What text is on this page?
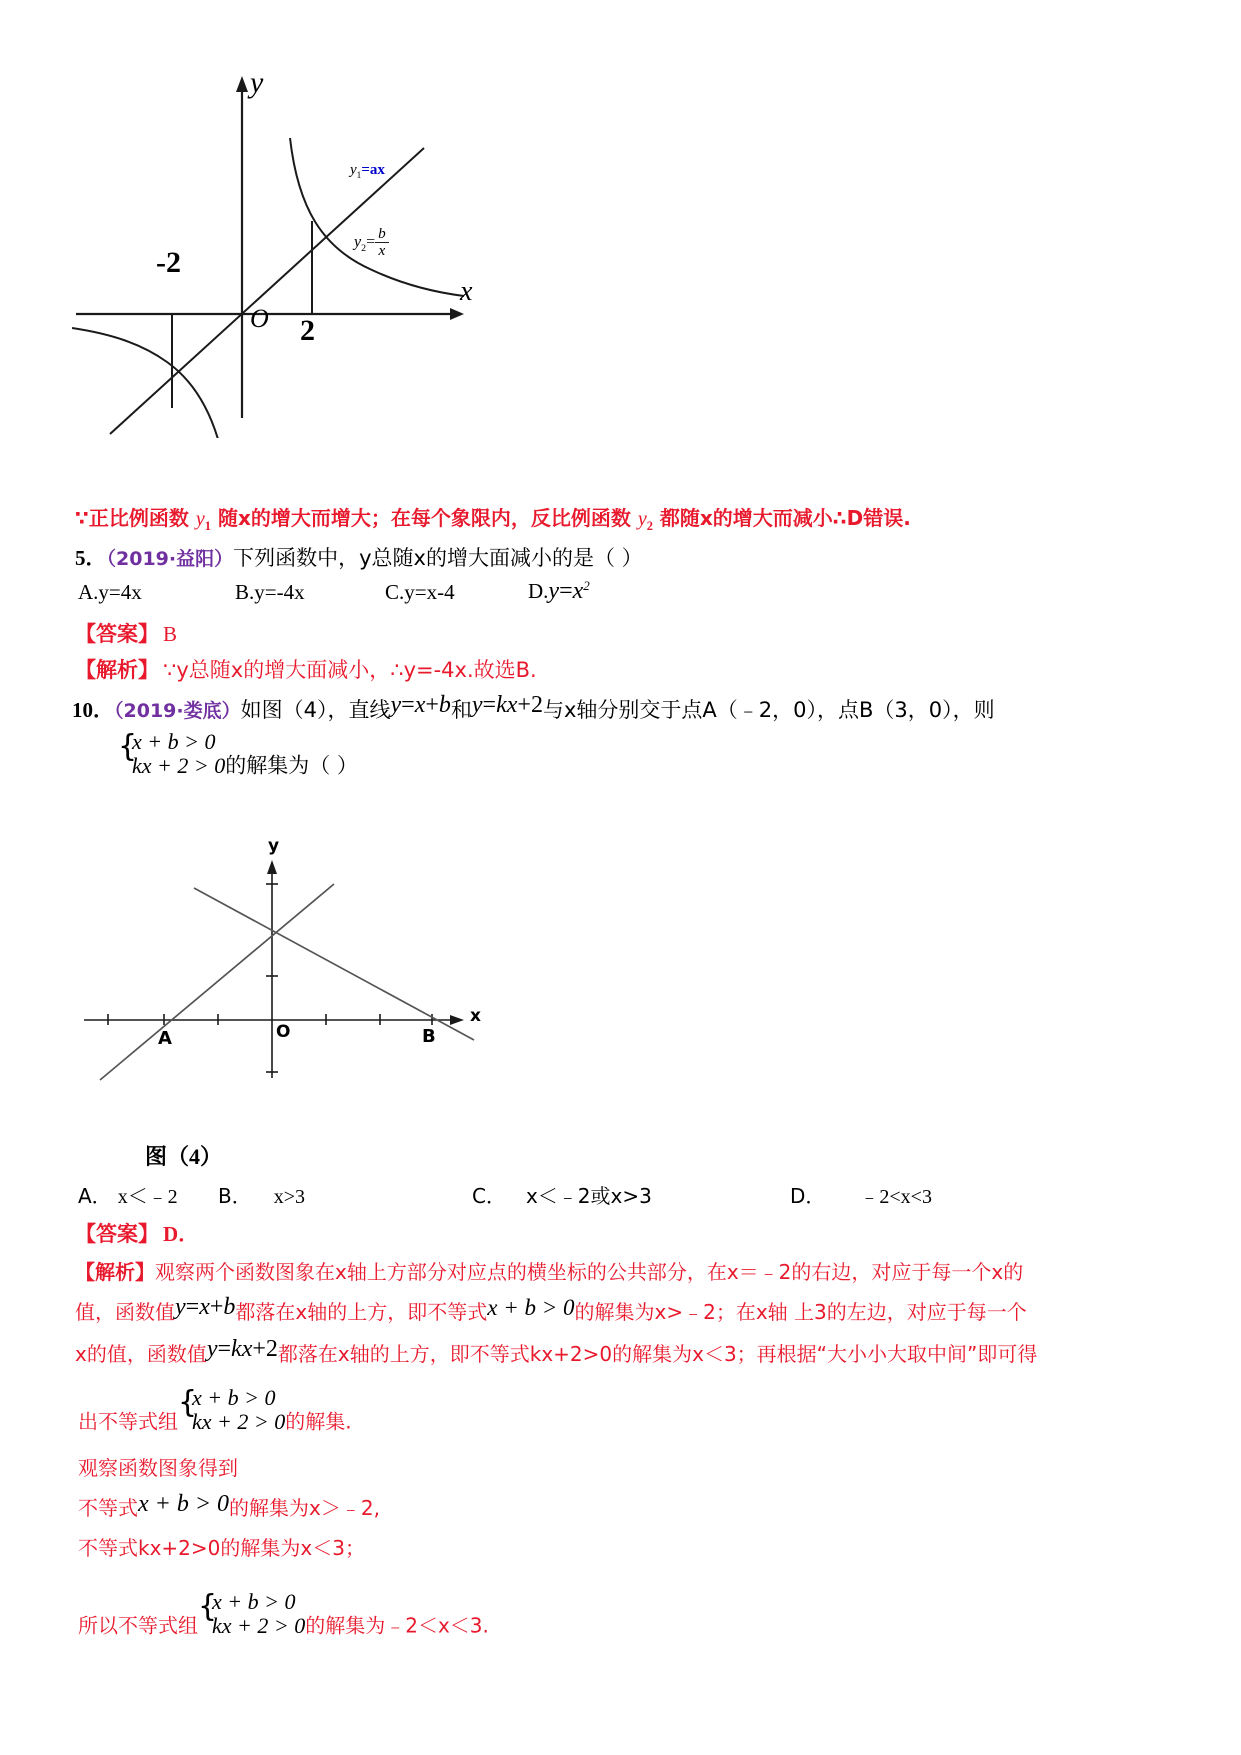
y
x
O
-2
2
$y_1=ax$
$y_2= \frac{b}{x}$
∵正比例函数 $y_1$ 随x的增大而增大；在每个象限内，反比例函数 $y_2$ 都随x的增大而减小∴D错误.
5．（2019·益阳）下列函数中，y总随x的增大面减小的是（ ）
A.y=4x	B.y=-4x	C.y=x-4	$D.y=x^2$
【答案】 B
【解析】 ∵y总随x的增大面减小，∴y=-4x.故选B.
10．（2019·娄底）如图（4），直线y=x+b和y=kx+2与x轴分别交于点A（﹣2，0），点B（3，0），则
{
x + b > 0
kx + 2 > 0 的解集为（ ）
y
x
O
A	B
图（4）
A． x＜﹣2 B． x>3	C． x＜﹣2或x>3	D． ﹣2<x<3
【答案】 D．
【解析】观察两个函数图象在x轴上方部分对应点的横坐标的公共部分，在x＝﹣2的右边，对应于每一个x的
值，函数值y=x+b都落在x轴的上方，即不等式x + b > 0的解集为x>﹣2；在x轴 上3的左边，对应于每一个
x的值，函数值y=kx+2都落在x轴的上方，即不等式kx+2>0的解集为x＜3；再根据“大小小大取中间”即可得
出不等式组
{
x + b > 0
kx + 2 > 0 的解集.
观察函数图象得到
不等式x + b > 0的解集为x＞﹣2,
不等式kx+2>0的解集为x＜3；
所以不等式组
{
x + b > 0
kx + 2 > 0 的解集为﹣2＜x＜3.
